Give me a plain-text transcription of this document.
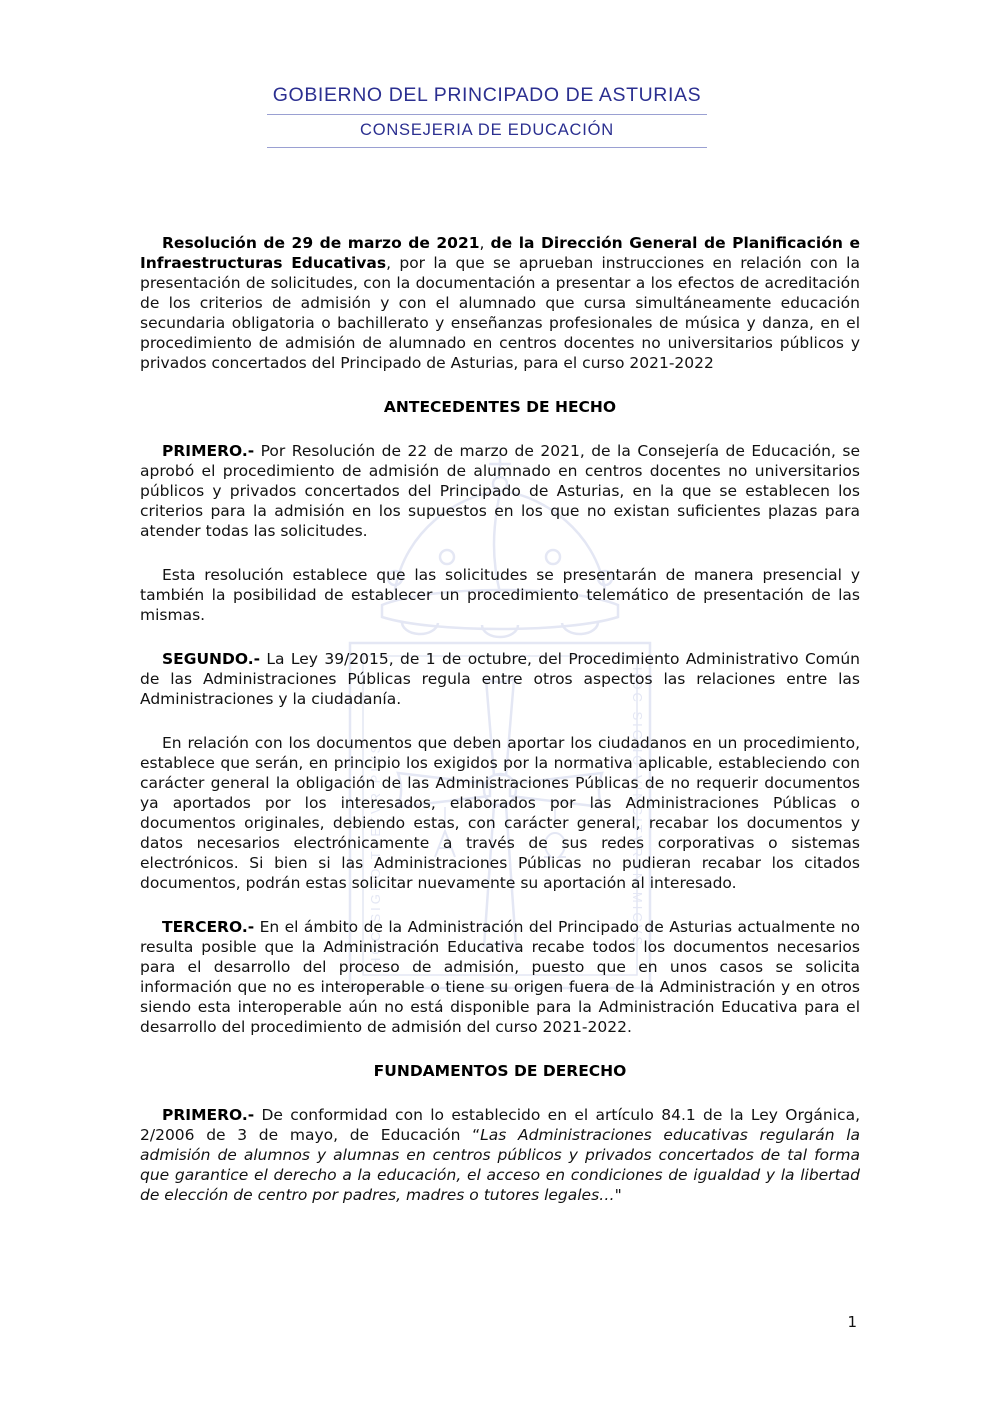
HOC SIGNO TVETVR PIVS	HOC SIGNO VINCITVR INIMICVS
GOBIERNO DEL PRINCIPADO DE ASTURIAS
CONSEJERIA DE EDUCACIÓN

Resolución de 29 de marzo de 2021, de la Dirección General de Planificación e Infraestructuras Educativas, por la que se aprueban instrucciones en relación con la presentación de solicitudes, con la documentación a presentar a los efectos de acreditación de los criterios de admisión y con el alumnado que cursa simultáneamente educación secundaria obligatoria o bachillerato y enseñanzas profesionales de música y danza, en el procedimiento de admisión de alumnado en centros docentes no universitarios públicos y privados concertados del Principado de Asturias, para el curso 2021-2022

ANTECEDENTES DE HECHO

PRIMERO.- Por Resolución de 22 de marzo de 2021, de la Consejería de Educación, se aprobó el procedimiento de admisión de alumnado en centros docentes no universitarios públicos y privados concertados del Principado de Asturias, en la que se establecen los criterios para la admisión en los supuestos en los que no existan suficientes plazas para atender todas las solicitudes.

Esta resolución establece que las solicitudes se presentarán de manera presencial y también la posibilidad de establecer un procedimiento telemático de presentación de las mismas.

SEGUNDO.- La Ley 39/2015, de 1 de octubre, del Procedimiento Administrativo Común de las Administraciones Públicas regula entre otros aspectos las relaciones entre las Administraciones y la ciudadanía.

En relación con los documentos que deben aportar los ciudadanos en un procedimiento, establece que serán, en principio los exigidos por la normativa aplicable, estableciendo con carácter general la obligación de las Administraciones Públicas de no requerir documentos ya aportados por los interesados, elaborados por las Administraciones Públicas o documentos originales, debiendo estas, con carácter general, recabar los documentos y datos necesarios electrónicamente a través de sus redes corporativas o sistemas electrónicos. Si bien si las Administraciones Públicas no pudieran recabar los citados documentos, podrán estas solicitar nuevamente su aportación al interesado.

TERCERO.- En el ámbito de la Administración del Principado de Asturias actualmente no resulta posible que la Administración Educativa recabe todos los documentos necesarios para el desarrollo del proceso de admisión, puesto que en unos casos se solicita información que no es interoperable o tiene su origen fuera de la Administración y en otros siendo esta interoperable aún no está disponible para la Administración Educativa para el desarrollo del procedimiento de admisión del curso 2021-2022.

FUNDAMENTOS DE DERECHO

PRIMERO.- De conformidad con lo establecido en el artículo 84.1 de la Ley Orgánica, 2/2006 de 3 de mayo, de Educación “Las Administraciones educativas regularán la admisión de alumnos y alumnas en centros públicos y privados concertados de tal forma que garantice el derecho a la educación, el acceso en condiciones de igualdad y la libertad de elección de centro por padres, madres o tutores legales…"

1
